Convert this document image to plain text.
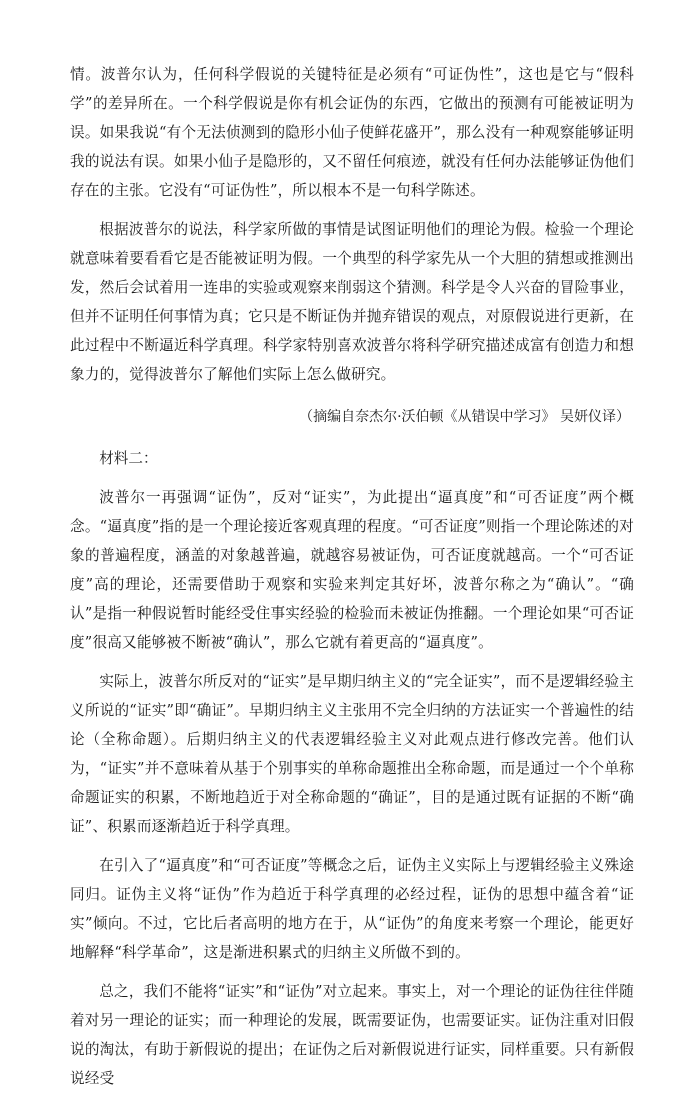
情。波普尔认为，任何科学假说的关键特征是必须有“可证伪性”，这也是它与“假科学”的差异所在。一个科学假说是你有机会证伪的东西，它做出的预测有可能被证明为误。如果我说“有个无法侦测到的隐形小仙子使鲜花盛开”，那么没有一种观察能够证明我的说法有误。如果小仙子是隐形的，又不留任何痕迹，就没有任何办法能够证伪他们存在的主张。它没有“可证伪性”，所以根本不是一句科学陈述。

根据波普尔的说法，科学家所做的事情是试图证明他们的理论为假。检验一个理论就意味着要看看它是否能被证明为假。一个典型的科学家先从一个大胆的猜想或推测出发，然后会试着用一连串的实验或观察来削弱这个猜测。科学是令人兴奋的冒险事业，但并不证明任何事情为真；它只是不断证伪并抛弃错误的观点，对原假说进行更新，在此过程中不断逼近科学真理。科学家特别喜欢波普尔将科学研究描述成富有创造力和想象力的，觉得波普尔了解他们实际上怎么做研究。

（摘编自奈杰尔·沃伯顿《从错误中学习》 吴妍仪译）

材料二：

波普尔一再强调“证伪”，反对“证实”，为此提出“逼真度”和“可否证度”两个概念。“逼真度”指的是一个理论接近客观真理的程度。“可否证度”则指一个理论陈述的对象的普遍程度，涵盖的对象越普遍，就越容易被证伪，可否证度就越高。一个“可否证度”高的理论，还需要借助于观察和实验来判定其好坏，波普尔称之为“确认”。“确认”是指一种假说暂时能经受住事实经验的检验而未被证伪推翻。一个理论如果“可否证度”很高又能够被不断被“确认”，那么它就有着更高的“逼真度”。

实际上，波普尔所反对的“证实”是早期归纳主义的“完全证实”，而不是逻辑经验主义所说的“证实”即“确证”。早期归纳主义主张用不完全归纳的方法证实一个普遍性的结论（全称命题）。后期归纳主义的代表逻辑经验主义对此观点进行修改完善。他们认为，“证实”并不意味着从基于个别事实的单称命题推出全称命题，而是通过一个个单称命题证实的积累，不断地趋近于对全称命题的“确证”，目的是通过既有证据的不断“确证”、积累而逐渐趋近于科学真理。

在引入了“逼真度”和“可否证度”等概念之后，证伪主义实际上与逻辑经验主义殊途同归。证伪主义将“证伪”作为趋近于科学真理的必经过程，证伪的思想中蕴含着“证实”倾向。不过，它比后者高明的地方在于，从“证伪”的角度来考察一个理论，能更好地解释“科学革命”，这是渐进积累式的归纳主义所做不到的。

总之，我们不能将“证实”和“证伪”对立起来。事实上，对一个理论的证伪往往伴随着对另一理论的证实；而一种理论的发展，既需要证伪，也需要证实。证伪注重对旧假说的淘汰，有助于新假说的提出；在证伪之后对新假说进行证实，同样重要。只有新假说经受
